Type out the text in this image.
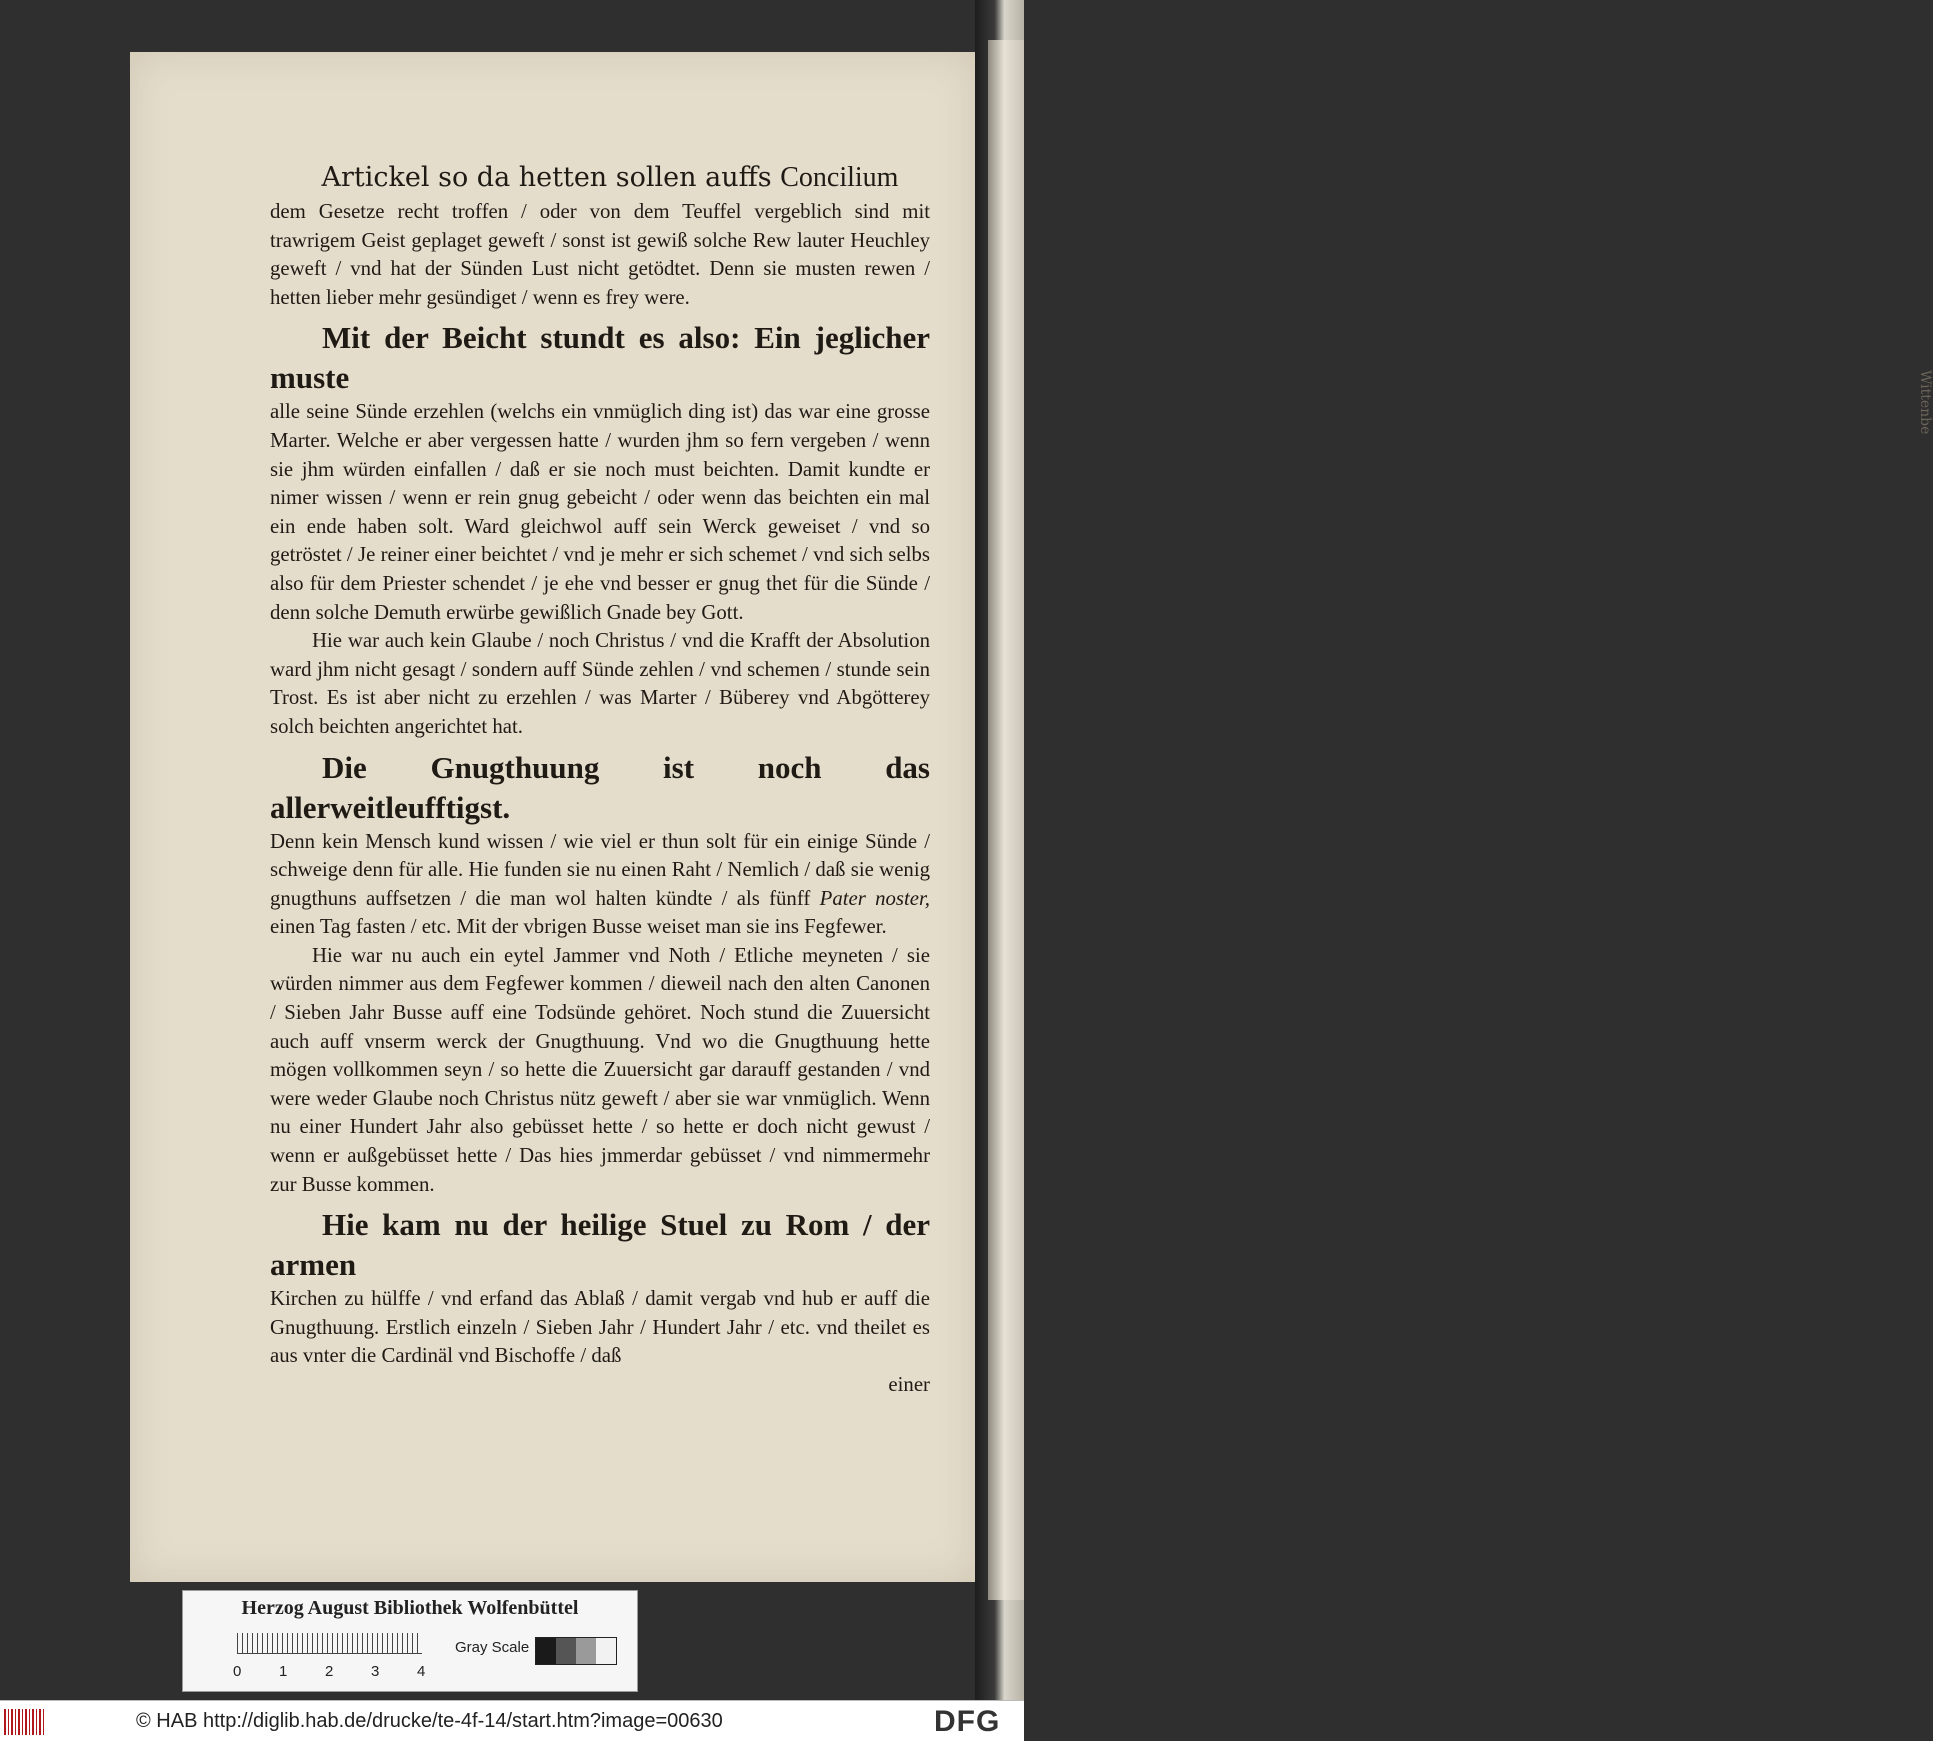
Wittenbe
Artickel so da hetten sollen auffs Concilium

dem Gesetze recht troffen / oder von dem Teuffel vergeblich sind mit trawrigem Geist geplaget geweft / sonst ist gewiß solche Rew lauter Heuchley geweft / vnd hat der Sünden Lust nicht getödtet. Denn sie musten rewen / hetten lieber mehr gesündiget / wenn es frey were.

Mit der Beicht stundt es also: Ein jeglicher muste
alle seine Sünde erzehlen (welchs ein vnmüglich ding ist) das war eine grosse Marter. Welche er aber vergessen hatte / wurden jhm so fern vergeben / wenn sie jhm würden einfallen / daß er sie noch must beichten. Damit kundte er nimer wissen / wenn er rein gnug gebeicht / oder wenn das beichten ein mal ein ende haben solt. Ward gleichwol auff sein Werck geweiset / vnd so getröstet / Je reiner einer beichtet / vnd je mehr er sich schemet / vnd sich selbs also für dem Priester schendet / je ehe vnd besser er gnug thet für die Sünde / denn solche Demuth erwürbe gewißlich Gnade bey Gott.

Hie war auch kein Glaube / noch Christus / vnd die Krafft der Absolution ward jhm nicht gesagt / sondern auff Sünde zehlen / vnd schemen / stunde sein Trost. Es ist aber nicht zu erzehlen / was Marter / Büberey vnd Abgötterey solch beichten angerichtet hat.

Die Gnugthuung ist noch das allerweitleufftigst.
Denn kein Mensch kund wissen / wie viel er thun solt für ein einige Sünde / schweige denn für alle. Hie funden sie nu einen Raht / Nemlich / daß sie wenig gnugthuns auffsetzen / die man wol halten kündte / als fünff Pater noster, einen Tag fasten / etc. Mit der vbrigen Busse weiset man sie ins Fegfewer.

Hie war nu auch ein eytel Jammer vnd Noth / Etliche meyneten / sie würden nimmer aus dem Fegfewer kommen / dieweil nach den alten Canonen / Sieben Jahr Busse auff eine Todsünde gehöret. Noch stund die Zuuersicht auch auff vnserm werck der Gnugthuung. Vnd wo die Gnugthuung hette mögen vollkommen seyn / so hette die Zuuersicht gar darauff gestanden / vnd were weder Glaube noch Christus nütz geweft / aber sie war vnmüglich. Wenn nu einer Hundert Jahr also gebüsset hette / so hette er doch nicht gewust / wenn er außgebüsset hette / Das hies jmmerdar gebüsset / vnd nimmermehr zur Busse kommen.

Hie kam nu der heilige Stuel zu Rom / der armen
Kirchen zu hülffe / vnd erfand das Ablaß / damit vergab vnd hub er auff die Gnugthuung. Erstlich einzeln / Sieben Jahr / Hundert Jahr / etc. vnd theilet es aus vnter die Cardinäl vnd Bischoffe / daß

einer

Herzog August Bibliothek Wolfenbüttel
0	1	2	3	4
Gray Scale
© HAB http://diglib.hab.de/drucke/te-4f-14/start.htm?image=00630	DFG
